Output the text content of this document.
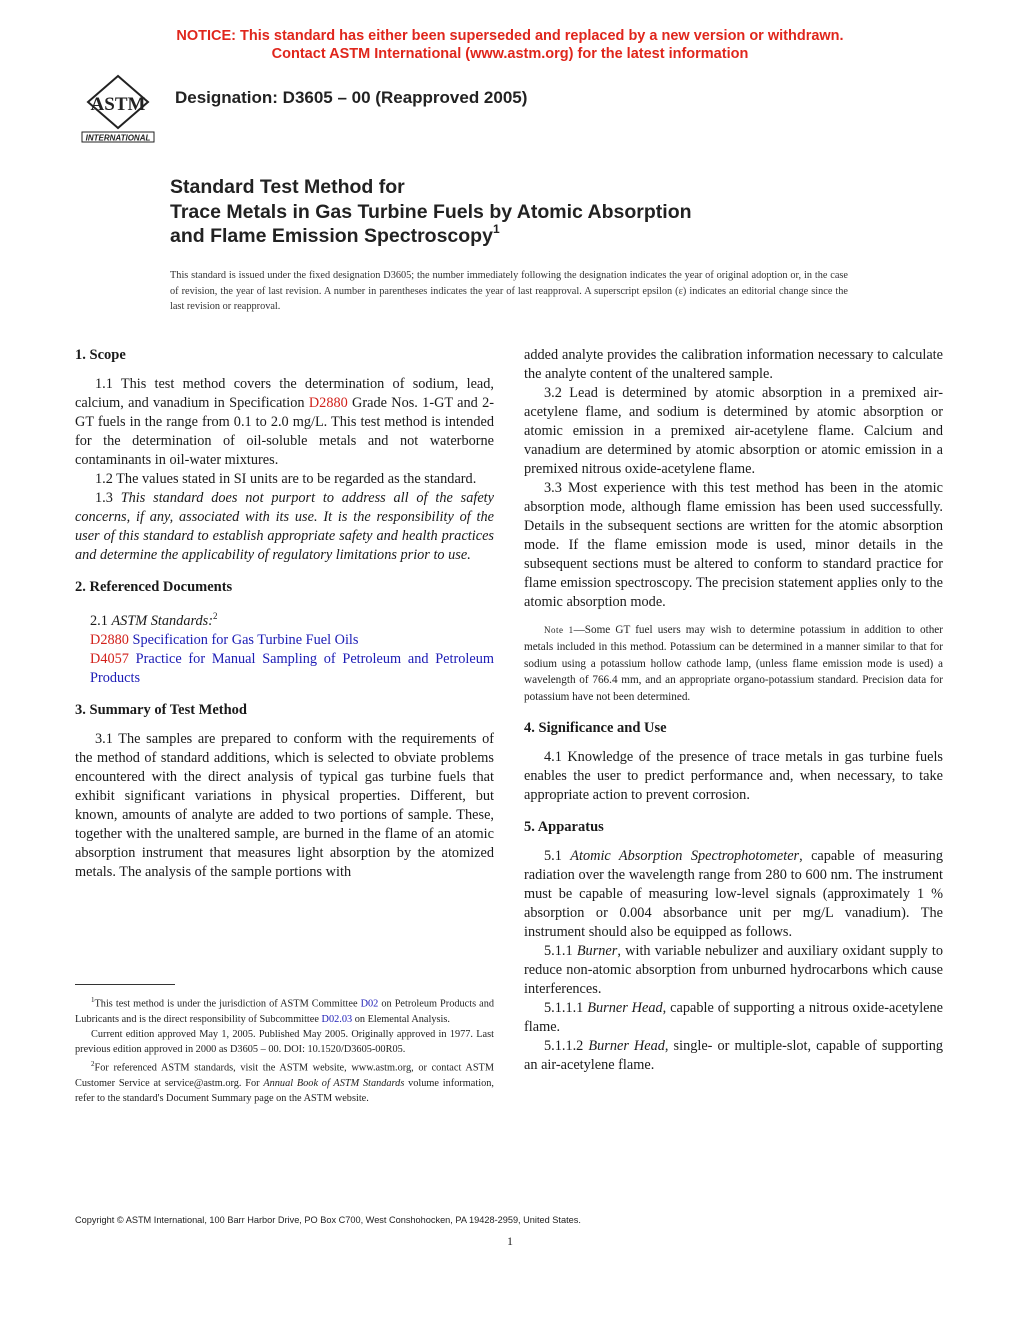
NOTICE: This standard has either been superseded and replaced by a new version or withdrawn.
Contact ASTM International (www.astm.org) for the latest information
ASTM
INTERNATIONAL
Designation: D3605 – 00 (Reapproved 2005)
Standard Test Method for
Trace Metals in Gas Turbine Fuels by Atomic Absorption
and Flame Emission Spectroscopy$^1$
This standard is issued under the fixed designation D3605; the number immediately following the designation indicates the year of original adoption or, in the case of revision, the year of last revision. A number in parentheses indicates the year of last reapproval. A superscript epsilon (ε) indicates an editorial change since the last revision or reapproval.
1. Scope

1.1 This test method covers the determination of sodium, lead, calcium, and vanadium in Specification D2880 Grade Nos. 1-GT and 2-GT fuels in the range from 0.1 to 2.0 mg/L. This test method is intended for the determination of oil-soluble metals and not waterborne contaminants in oil-water mixtures.

1.2 The values stated in SI units are to be regarded as the standard.

1.3 This standard does not purport to address all of the safety concerns, if any, associated with its use. It is the responsibility of the user of this standard to establish appropriate safety and health practices and determine the applicability of regulatory limitations prior to use.

2. Referenced Documents

2.1 ASTM Standards:$^2$

D2880 Specification for Gas Turbine Fuel Oils
D4057 Practice for Manual Sampling of Petroleum and Petroleum Products
3. Summary of Test Method

3.1 The samples are prepared to conform with the requirements of the method of standard additions, which is selected to obviate problems encountered with the direct analysis of typical gas turbine fuels that exhibit significant variations in physical properties. Different, but known, amounts of analyte are added to two portions of sample. These, together with the unaltered sample, are burned in the flame of an atomic absorption instrument that measures light absorption by the atomized metals. The analysis of the sample portions with

$^1$This test method is under the jurisdiction of ASTM Committee D02 on Petroleum Products and Lubricants and is the direct responsibility of Subcommittee D02.03 on Elemental Analysis.

Current edition approved May 1, 2005. Published May 2005. Originally approved in 1977. Last previous edition approved in 2000 as D3605 – 00. DOI: 10.1520/D3605-00R05.

$^2$For referenced ASTM standards, visit the ASTM website, www.astm.org, or contact ASTM Customer Service at service@astm.org. For Annual Book of ASTM Standards volume information, refer to the standard's Document Summary page on the ASTM website.

added analyte provides the calibration information necessary to calculate the analyte content of the unaltered sample.

3.2 Lead is determined by atomic absorption in a premixed air-acetylene flame, and sodium is determined by atomic absorption or atomic emission in a premixed air-acetylene flame. Calcium and vanadium are determined by atomic absorption or atomic emission in a premixed nitrous oxide-acetylene flame.

3.3 Most experience with this test method has been in the atomic absorption mode, although flame emission has been used successfully. Details in the subsequent sections are written for the atomic absorption mode. If the flame emission mode is used, minor details in the subsequent sections must be altered to conform to standard practice for flame emission spectroscopy. The precision statement applies only to the atomic absorption mode.

Note 1—Some GT fuel users may wish to determine potassium in addition to other metals included in this method. Potassium can be determined in a manner similar to that for sodium using a potassium hollow cathode lamp, (unless flame emission mode is used) a wavelength of 766.4 mm, and an appropriate organo-potassium standard. Precision data for potassium have not been determined.

4. Significance and Use

4.1 Knowledge of the presence of trace metals in gas turbine fuels enables the user to predict performance and, when necessary, to take appropriate action to prevent corrosion.

5. Apparatus

5.1 Atomic Absorption Spectrophotometer, capable of measuring radiation over the wavelength range from 280 to 600 nm. The instrument must be capable of measuring low-level signals (approximately 1 % absorption or 0.004 absorbance unit per mg/L vanadium). The instrument should also be equipped as follows.

5.1.1 Burner, with variable nebulizer and auxiliary oxidant supply to reduce non-atomic absorption from unburned hydrocarbons which cause interferences.

5.1.1.1 Burner Head, capable of supporting a nitrous oxide-acetylene flame.

5.1.1.2 Burner Head, single- or multiple-slot, capable of supporting an air-acetylene flame.

Copyright © ASTM International, 100 Barr Harbor Drive, PO Box C700, West Conshohocken, PA 19428-2959, United States.
1
